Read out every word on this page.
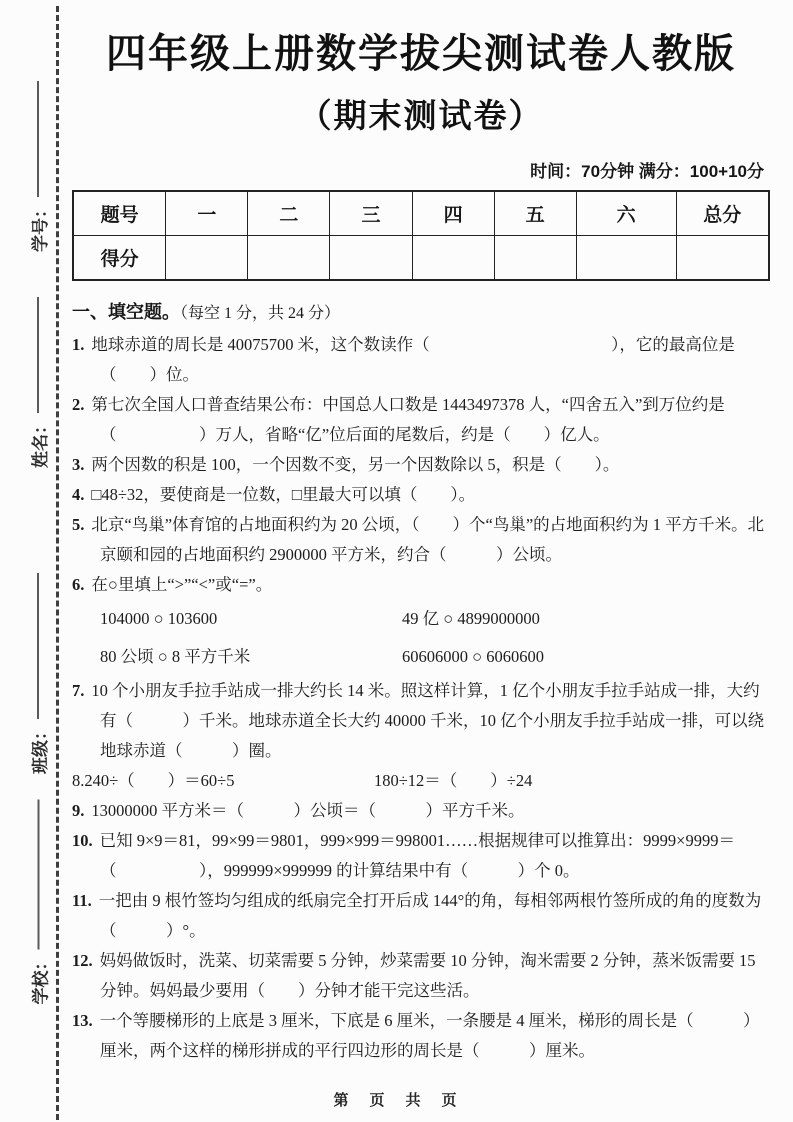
学号：
姓名：
班级：
学校：
四年级上册数学拔尖测试卷人教版
（期末测试卷）
时间：70分钟 满分：100+10分
题号	一	二	三	四	五	六	总分
得分							
一、填空题。（每空 1 分，共 24 分）
1. 地球赤道的周长是 40075700 米，这个数读作（　　　　　　　　　　　），它的最高位是（　　）位。
2. 第七次全国人口普查结果公布：中国总人口数是 1443497378 人，“四舍五入”到万位约是（　　　　　）万人，省略“亿”位后面的尾数后，约是（　　）亿人。
3. 两个因数的积是 100，一个因数不变，另一个因数除以 5，积是（　　）。
4. □48÷32，要使商是一位数，□里最大可以填（　　）。
5. 北京“鸟巢”体育馆的占地面积约为 20 公顷，（　　）个“鸟巢”的占地面积约为 1 平方千米。北京颐和园的占地面积约 2900000 平方米，约合（　　　）公顷。
6. 在○里填上“>”“<”或“=”。
104000 ○ 103600	49 亿 ○ 4899000000
80 公顷 ○ 8 平方千米	60606000 ○ 6060600
7. 10 个小朋友手拉手站成一排大约长 14 米。照这样计算，1 亿个小朋友手拉手站成一排，大约有（　　　）千米。地球赤道全长大约 40000 千米，10 亿个小朋友手拉手站成一排，可以绕地球赤道（　　　）圈。
8.240÷（　　）＝60÷5	180÷12＝（　　）÷24
9. 13000000 平方米＝（　　　）公顷＝（　　　）平方千米。
10. 已知 9×9＝81，99×99＝9801，999×999＝998001……根据规律可以推算出：9999×9999＝（　　　　　），999999×999999 的计算结果中有（　　　）个 0。
11. 一把由 9 根竹签均匀组成的纸扇完全打开后成 144°的角，每相邻两根竹签所成的角的度数为（　　　）°。
12. 妈妈做饭时，洗菜、切菜需要 5 分钟，炒菜需要 10 分钟，淘米需要 2 分钟，蒸米饭需要 15 分钟。妈妈最少要用（　　）分钟才能干完这些活。
13. 一个等腰梯形的上底是 3 厘米，下底是 6 厘米，一条腰是 4 厘米，梯形的周长是（　　　）厘米，两个这样的梯形拼成的平行四边形的周长是（　　　）厘米。
第　页　共　页
